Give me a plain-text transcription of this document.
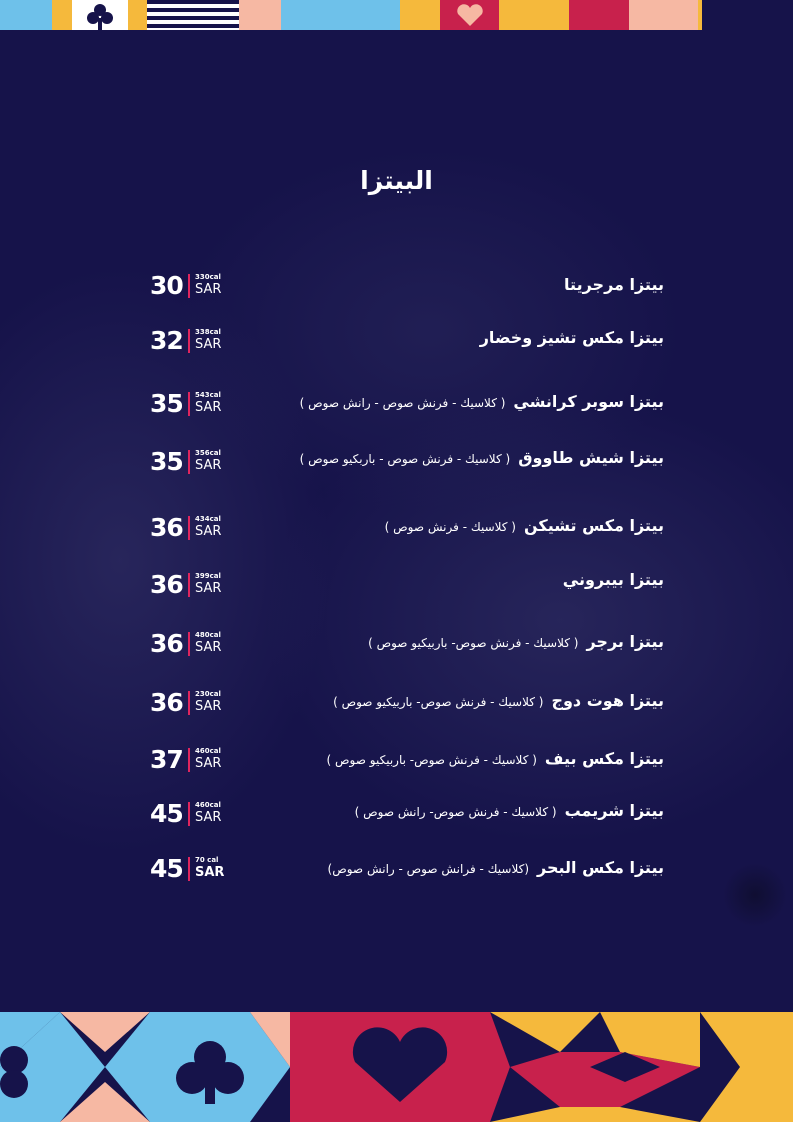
البيتزا
بيتزا مرجريتا
30 330cal
SAR
بيتزا مكس تشيز وخضار
32 338cal
SAR
بيتزا سوبر كرانشي( كلاسيك - فرنش صوص - رانش صوص )
35 543cal
SAR
بيتزا شيش طاووق( كلاسيك - فرنش صوص - باربكيو صوص )
35 356cal
SAR
بيتزا مكس تشيكن( كلاسيك - فرنش صوص )
36 434cal
SAR
بيتزا بيبروني
36 399cal
SAR
بيتزا برجر( كلاسيك - فرنش صوص- باربيكيو صوص )
36 480cal
SAR
بيتزا هوت دوج( كلاسيك - فرنش صوص- باربيكيو صوص )
36 230cal
SAR
بيتزا مكس بيف( كلاسيك - فرنش صوص- باربيكيو صوص )
37 460cal
SAR
بيتزا شريمب( كلاسيك - فرنش صوص- رانش صوص )
45 460cal
SAR
بيتزا مكس البحر(كلاسيك - فرانش صوص - رانش صوص)
45 70 cal
SAR
